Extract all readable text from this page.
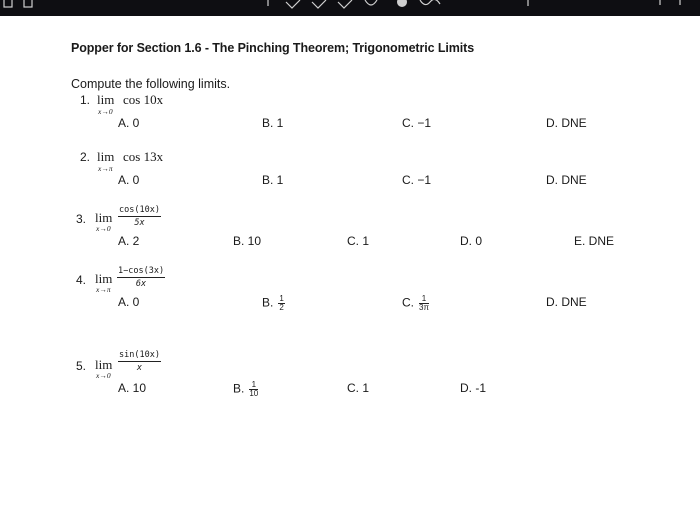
Popper for Section 1.6 - The Pinching Theorem; Trigonometric Limits
Compute the following limits.
1. lim
x→0
cos 10x
A. 0	B. 1	C. −1	D. DNE
2. lim
x→π
cos 13x
A. 0	B. 1	C. −1	D. DNE
3. lim
x→0
$\frac{\cos(10x)}{5x}$
A. 2	B. 10	C. 1	D. 0	E. DNE
4. lim
x→π
$\frac{1-\cos(3x)}{6x}$
A. 0	B. $\frac{1}{2}$	C. $\frac{1}{3\pi}$	D. DNE
5. lim
x→0
$\frac{\sin(10x)}{x}$
A. 10	B. $\frac{1}{10}$	C. 1	D. -1
